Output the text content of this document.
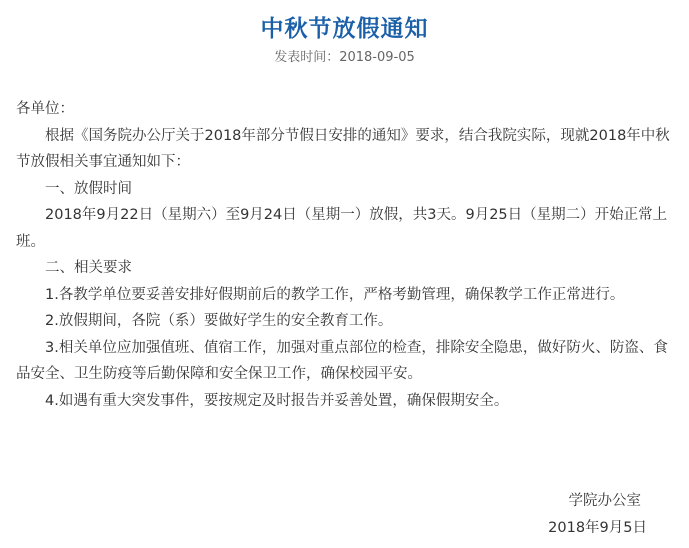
中秋节放假通知
发表时间：2018-09-05

各单位：

根据《国务院办公厅关于2018年部分节假日安排的通知》要求，结合我院实际，现就2018年中秋节放假相关事宜通知如下：

一、放假时间

2018年9月22日（星期六）至9月24日（星期一）放假，共3天。9月25日（星期二）开始正常上班。

二、相关要求

1.各教学单位要妥善安排好假期前后的教学工作，严格考勤管理，确保教学工作正常进行。

2.放假期间，各院（系）要做好学生的安全教育工作。

3.相关单位应加强值班、值宿工作，加强对重点部位的检查，排除安全隐患，做好防火、防盗、食品安全、卫生防疫等后勤保障和安全保卫工作，确保校园平安。

4.如遇有重大突发事件，要按规定及时报告并妥善处置，确保假期安全。

学院办公室
2018年9月5日
